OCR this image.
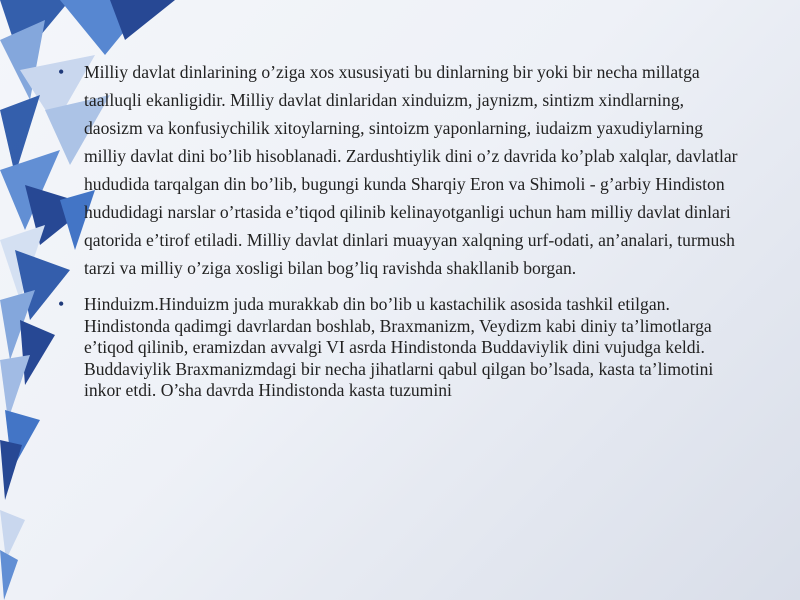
• Milliy davlat dinlarining o’ziga xos xususiyati bu dinlarning bir yoki bir necha millatga taalluqli ekanligidir. Milliy davlat dinlaridan xinduizm, jaynizm, sintizm xindlarning, daosizm va konfusiychilik xitoylarning, sintoizm yaponlarning, iudaizm yaxudiylarning milliy davlat dini bo’lib hisoblanadi. Zardushtiylik dini o’z davrida ko’plab xalqlar, davlatlar hududida tarqalgan din bo’lib, bugungi kunda Sharqiy Eron va Shimoli - g’arbiy Hindiston hududidagi narslar o’rtasida e’tiqod qilinib kelinayotganligi uchun ham milliy davlat dinlari qatorida e’tirof etiladi. Milliy davlat dinlari muayyan xalqning urf-odati, an’analari, turmush tarzi va milliy o’ziga xosligi bilan bog’liq ravishda shakllanib borgan.
• Hinduizm.Hinduizm juda murakkab din bo’lib u kastachilik asosida tashkil etilgan. Hindistonda qadimgi davrlardan boshlab, Braxmanizm, Veydizm kabi diniy ta’limotlarga e’tiqod qilinib, eramizdan avvalgi VI asrda Hindistonda Buddaviylik dini vujudga keldi. Buddaviylik Braxmanizmdagi bir necha jihatlarni qabul qilgan bo’lsada, kasta ta’limotini inkor etdi. O’sha davrda Hindistonda kasta tuzumini
